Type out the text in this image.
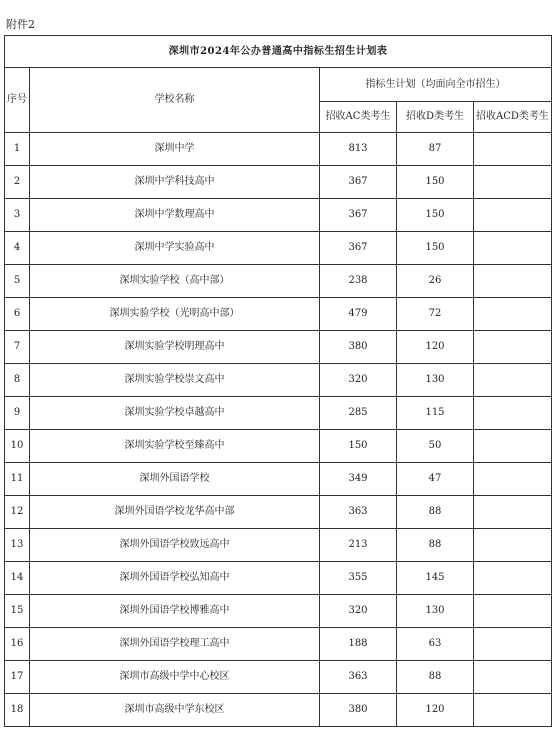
附件2
深圳市2024年公办普通高中指标生招生计划表				
序号	学校名称	指标生计划（均面向全市招生）		
		招收AC类考生	招收D类考生	招收ACD类考生
1	深圳中学	813	87	
2	深圳中学科技高中	367	150	
3	深圳中学数理高中	367	150	
4	深圳中学实验高中	367	150	
5	深圳实验学校（高中部）	238	26	
6	深圳实验学校（光明高中部）	479	72	
7	深圳实验学校明理高中	380	120	
8	深圳实验学校崇文高中	320	130	
9	深圳实验学校卓越高中	285	115	
10	深圳实验学校至臻高中	150	50	
11	深圳外国语学校	349	47	
12	深圳外国语学校龙华高中部	363	88	
13	深圳外国语学校致远高中	213	88	
14	深圳外国语学校弘知高中	355	145	
15	深圳外国语学校博雅高中	320	130	
16	深圳外国语学校理工高中	188	63	
17	深圳市高级中学中心校区	363	88	
18	深圳市高级中学东校区	380	120	
